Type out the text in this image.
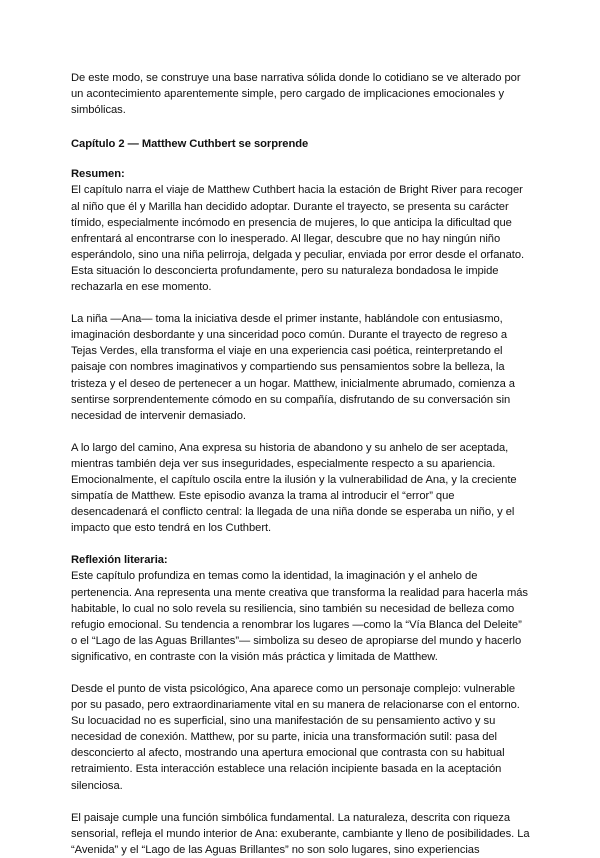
De este modo, se construye una base narrativa sólida donde lo cotidiano se ve alterado por un acontecimiento aparentemente simple, pero cargado de implicaciones emocionales y simbólicas.

Capítulo 2 — Matthew Cuthbert se sorprende

Resumen:

El capítulo narra el viaje de Matthew Cuthbert hacia la estación de Bright River para recoger al niño que él y Marilla han decidido adoptar. Durante el trayecto, se presenta su carácter tímido, especialmente incómodo en presencia de mujeres, lo que anticipa la dificultad que enfrentará al encontrarse con lo inesperado. Al llegar, descubre que no hay ningún niño esperándolo, sino una niña pelirroja, delgada y peculiar, enviada por error desde el orfanato. Esta situación lo desconcierta profundamente, pero su naturaleza bondadosa le impide rechazarla en ese momento.

La niña —Ana— toma la iniciativa desde el primer instante, hablándole con entusiasmo, imaginación desbordante y una sinceridad poco común. Durante el trayecto de regreso a Tejas Verdes, ella transforma el viaje en una experiencia casi poética, reinterpretando el paisaje con nombres imaginativos y compartiendo sus pensamientos sobre la belleza, la tristeza y el deseo de pertenecer a un hogar. Matthew, inicialmente abrumado, comienza a sentirse sorprendentemente cómodo en su compañía, disfrutando de su conversación sin necesidad de intervenir demasiado.

A lo largo del camino, Ana expresa su historia de abandono y su anhelo de ser aceptada, mientras también deja ver sus inseguridades, especialmente respecto a su apariencia. Emocionalmente, el capítulo oscila entre la ilusión y la vulnerabilidad de Ana, y la creciente simpatía de Matthew. Este episodio avanza la trama al introducir el “error” que desencadenará el conflicto central: la llegada de una niña donde se esperaba un niño, y el impacto que esto tendrá en los Cuthbert.

Reflexión literaria:

Este capítulo profundiza en temas como la identidad, la imaginación y el anhelo de pertenencia. Ana representa una mente creativa que transforma la realidad para hacerla más habitable, lo cual no solo revela su resiliencia, sino también su necesidad de belleza como refugio emocional. Su tendencia a renombrar los lugares —como la “Vía Blanca del Deleite” o el “Lago de las Aguas Brillantes”— simboliza su deseo de apropiarse del mundo y hacerlo significativo, en contraste con la visión más práctica y limitada de Matthew.

Desde el punto de vista psicológico, Ana aparece como un personaje complejo: vulnerable por su pasado, pero extraordinariamente vital en su manera de relacionarse con el entorno. Su locuacidad no es superficial, sino una manifestación de su pensamiento activo y su necesidad de conexión. Matthew, por su parte, inicia una transformación sutil: pasa del desconcierto al afecto, mostrando una apertura emocional que contrasta con su habitual retraimiento. Esta interacción establece una relación incipiente basada en la aceptación silenciosa.

El paisaje cumple una función simbólica fundamental. La naturaleza, descrita con riqueza sensorial, refleja el mundo interior de Ana: exuberante, cambiante y lleno de posibilidades. La “Avenida” y el “Lago de las Aguas Brillantes” no son solo lugares, sino experiencias
